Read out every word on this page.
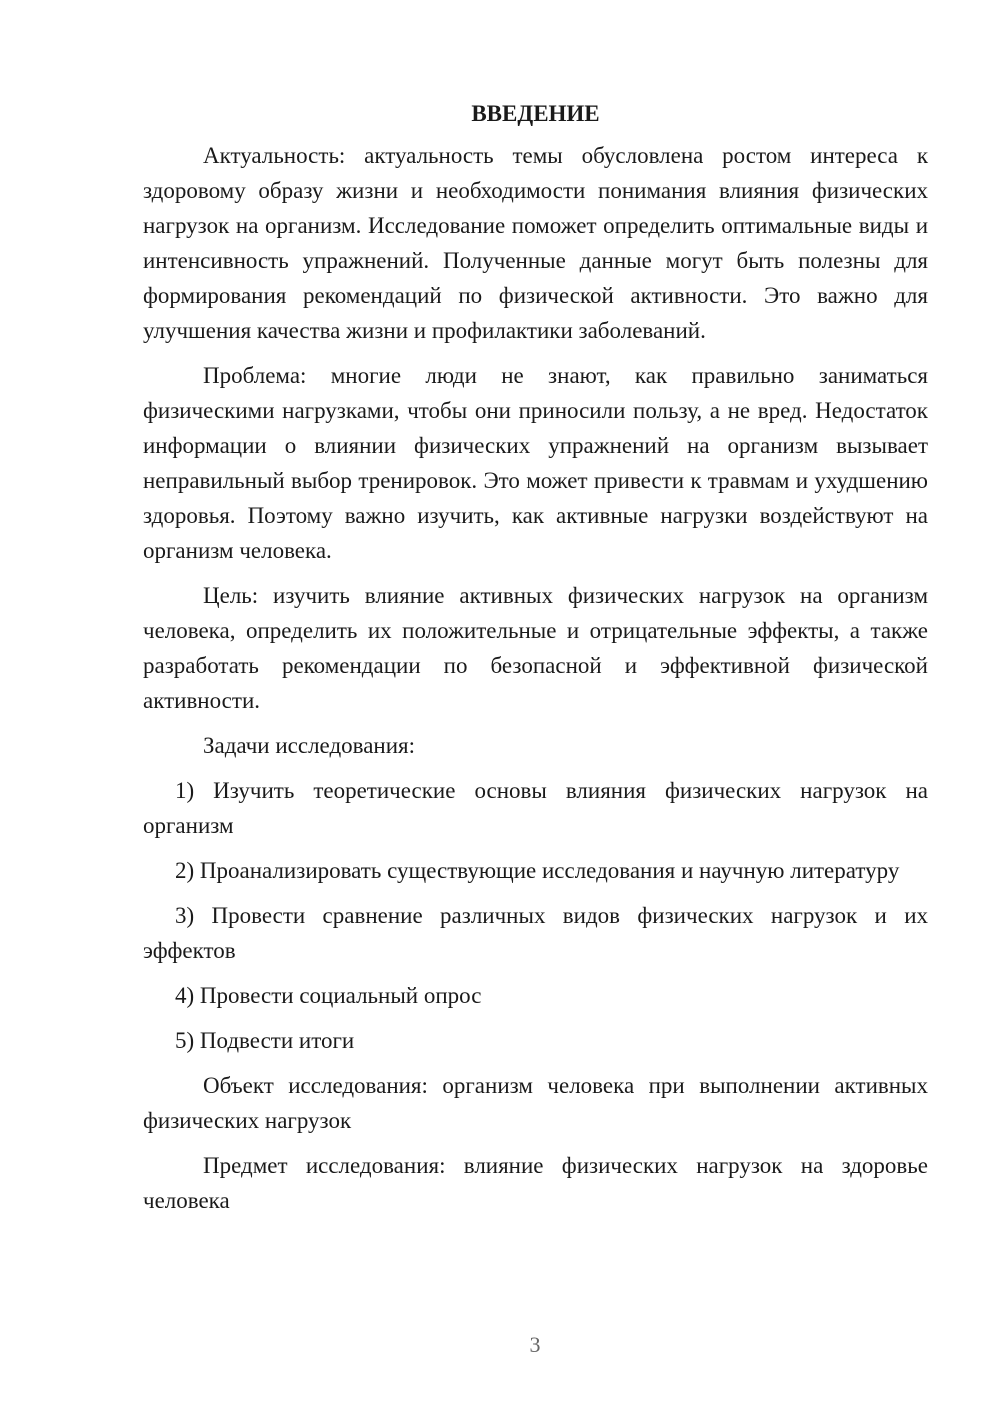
ВВЕДЕНИЕ

Актуальность: актуальность темы обусловлена ростом интереса к здоровому образу жизни и необходимости понимания влияния физических нагрузок на организм. Исследование поможет определить оптимальные виды и интенсивность упражнений. Полученные данные могут быть полезны для формирования рекомендаций по физической активности. Это важно для улучшения качества жизни и профилактики заболеваний.

Проблема: многие люди не знают, как правильно заниматься физическими нагрузками, чтобы они приносили пользу, а не вред. Недостаток информации о влиянии физических упражнений на организм вызывает неправильный выбор тренировок. Это может привести к травмам и ухудшению здоровья. Поэтому важно изучить, как активные нагрузки воздействуют на организм человека.

Цель: изучить влияние активных физических нагрузок на организм человека, определить их положительные и отрицательные эффекты, а также разработать рекомендации по безопасной и эффективной физической активности.

Задачи исследования:

1) Изучить теоретические основы влияния физических нагрузок на организм

2) Проанализировать существующие исследования и научную литературу

3) Провести сравнение различных видов физических нагрузок и их эффектов

4) Провести социальный опрос

5) Подвести итоги

Объект исследования: организм человека при выполнении активных физических нагрузок

Предмет исследования: влияние физических нагрузок на здоровье человека

3
